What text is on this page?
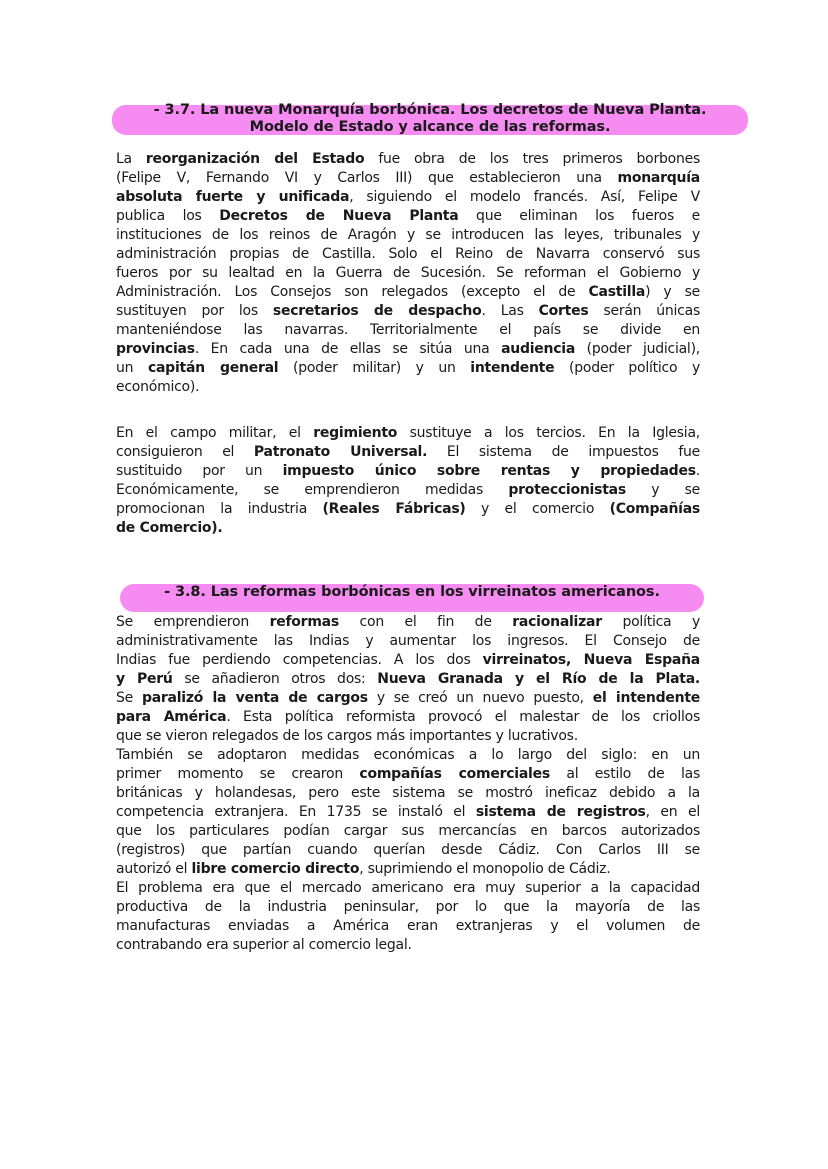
- 3.7. La nueva Monarquía borbónica. Los decretos de Nueva Planta.
Modelo de Estado y alcance de las reformas.
La reorganización del Estado fue obra de los tres primeros borbones
(Felipe V, Fernando VI y Carlos III) que establecieron una monarquía
absoluta fuerte y unificada, siguiendo el modelo francés. Así, Felipe V
publica los Decretos de Nueva Planta que eliminan los fueros e
instituciones de los reinos de Aragón y se introducen las leyes, tribunales y
administración propias de Castilla. Solo el Reino de Navarra conservó sus
fueros por su lealtad en la Guerra de Sucesión. Se reforman el Gobierno y
Administración. Los Consejos son relegados (excepto el de Castilla) y se
sustituyen por los secretarios de despacho. Las Cortes serán únicas
manteniéndose las navarras. Territorialmente el país se divide en
provincias. En cada una de ellas se sitúa una audiencia (poder judicial),
un capitán general (poder militar) y un intendente (poder político y
económico).
En el campo militar, el regimiento sustituye a los tercios. En la Iglesia,
consiguieron el Patronato Universal. El sistema de impuestos fue
sustituido por un impuesto único sobre rentas y propiedades.
Económicamente, se emprendieron medidas proteccionistas y se
promocionan la industria (Reales Fábricas) y el comercio (Compañías
de Comercio).
- 3.8. Las reformas borbónicas en los virreinatos americanos.
Se emprendieron reformas con el fin de racionalizar política y
administrativamente las Indias y aumentar los ingresos. El Consejo de
Indias fue perdiendo competencias. A los dos virreinatos, Nueva España
y Perú se añadieron otros dos: Nueva Granada y el Río de la Plata.
Se paralizó la venta de cargos y se creó un nuevo puesto, el intendente
para América. Esta política reformista provocó el malestar de los criollos
que se vieron relegados de los cargos más importantes y lucrativos.
También se adoptaron medidas económicas a lo largo del siglo: en un
primer momento se crearon compañías comerciales al estilo de las
británicas y holandesas, pero este sistema se mostró ineficaz debido a la
competencia extranjera. En 1735 se instaló el sistema de registros, en el
que los particulares podían cargar sus mercancías en barcos autorizados
(registros) que partían cuando querían desde Cádiz. Con Carlos III se
autorizó el libre comercio directo, suprimiendo el monopolio de Cádiz.
El problema era que el mercado americano era muy superior a la capacidad
productiva de la industria peninsular, por lo que la mayoría de las
manufacturas enviadas a América eran extranjeras y el volumen de
contrabando era superior al comercio legal.
